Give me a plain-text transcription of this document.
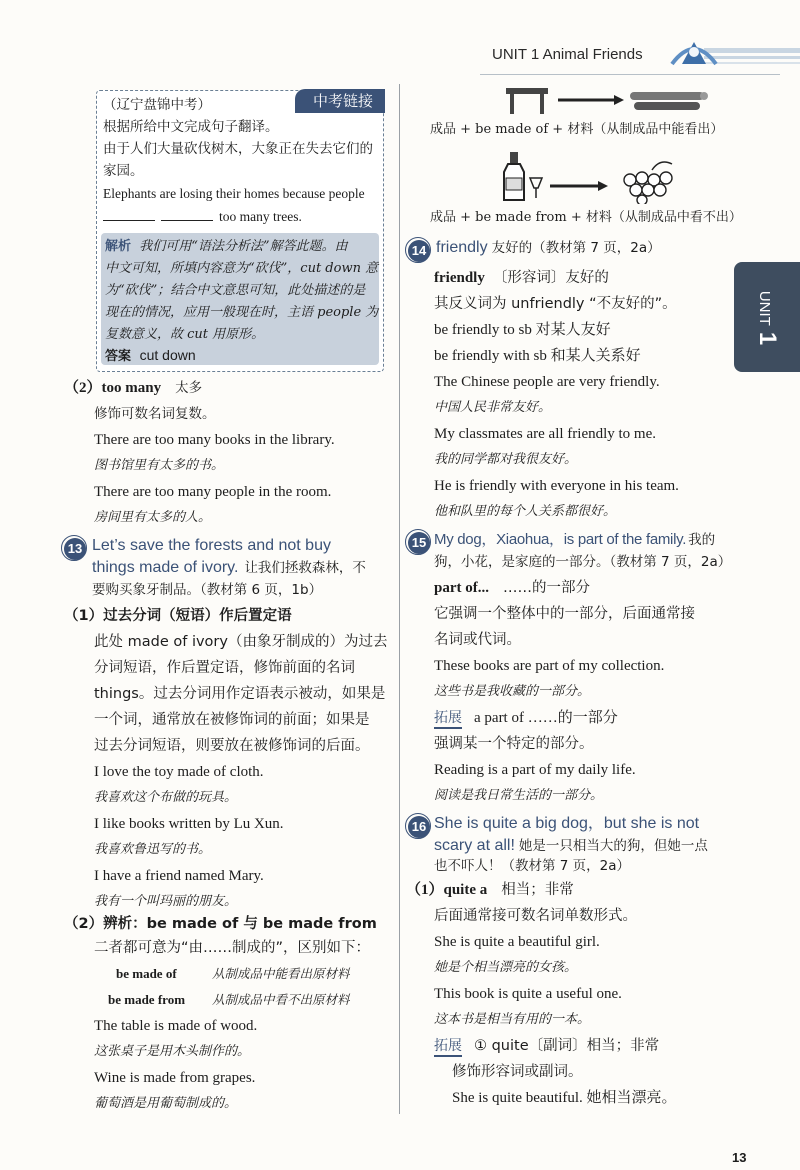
UNIT 1 Animal Friends
UNIT1
中考链接
（辽宁盘锦中考）
根据所给中文完成句子翻译。
由于人们大量砍伐树木，大象正在失去它们的
家园。
Elephants are losing their homes because people
too many trees.
解析 我们可用“语法分析法”解答此题。由
中文可知，所填内容意为“砍伐”，cut down 意
为“砍伐”；结合中文意思可知，此处描述的是
现在的情况，应用一般现在时，主语 people 为
复数意义，故 cut 用原形。
答案 cut down
（2）too many 太多
修饰可数名词复数。
There are too many books in the library.
图书馆里有太多的书。
There are too many people in the room.
房间里有太多的人。
13 Let’s save the forests and not buy
things made of ivory. 让我们拯救森林，不
要购买象牙制品。（教材第 6 页，1b）
（1）过去分词（短语）作后置定语
此处 made of ivory（由象牙制成的）为过去
分词短语，作后置定语，修饰前面的名词
things。过去分词用作定语表示被动，如果是
一个词，通常放在被修饰词的前面；如果是
过去分词短语，则要放在被修饰词的后面。
I love the toy made of cloth.
我喜欢这个布做的玩具。
I like books written by Lu Xun.
我喜欢鲁迅写的书。
I have a friend named Mary.
我有一个叫玛丽的朋友。
（2）辨析：be made of 与 be made from
二者都可意为“由……制成的”，区别如下：
be made of	从制成品中能看出原材料
be made from 从制成品中看不出原材料
The table is made of wood.
这张桌子是用木头制作的。
Wine is made from grapes.
葡萄酒是用葡萄制成的。
成品 + be made of + 材料（从制成品中能看出）
成品 + be made from + 材料（从制成品中看不出）
14 friendly 友好的（教材第 7 页，2a）
friendly 〔形容词〕友好的
其反义词为 unfriendly “不友好的”。
be friendly to sb 对某人友好
be friendly with sb 和某人关系好
The Chinese people are very friendly.
中国人民非常友好。
My classmates are all friendly to me.
我的同学都对我很友好。
He is friendly with everyone in his team.
他和队里的每个人关系都很好。
15 My dog，Xiaohua，is part of the family. 我的
狗，小花，是家庭的一部分。（教材第 7 页，2a）
part of... ……的一部分
它强调一个整体中的一部分，后面通常接
名词或代词。
These books are part of my collection.
这些书是我收藏的一部分。
拓展 a part of ……的一部分
强调某一个特定的部分。
Reading is a part of my daily life.
阅读是我日常生活的一部分。
16 She is quite a big dog，but she is not
scary at all! 她是一只相当大的狗，但她一点
也不吓人！（教材第 7 页，2a）
（1）quite a 相当；非常
后面通常接可数名词单数形式。
She is quite a beautiful girl.
她是个相当漂亮的女孩。
This book is quite a useful one.
这本书是相当有用的一本。
拓展 ① quite〔副词〕相当；非常
修饰形容词或副词。
She is quite beautiful. 她相当漂亮。
13
